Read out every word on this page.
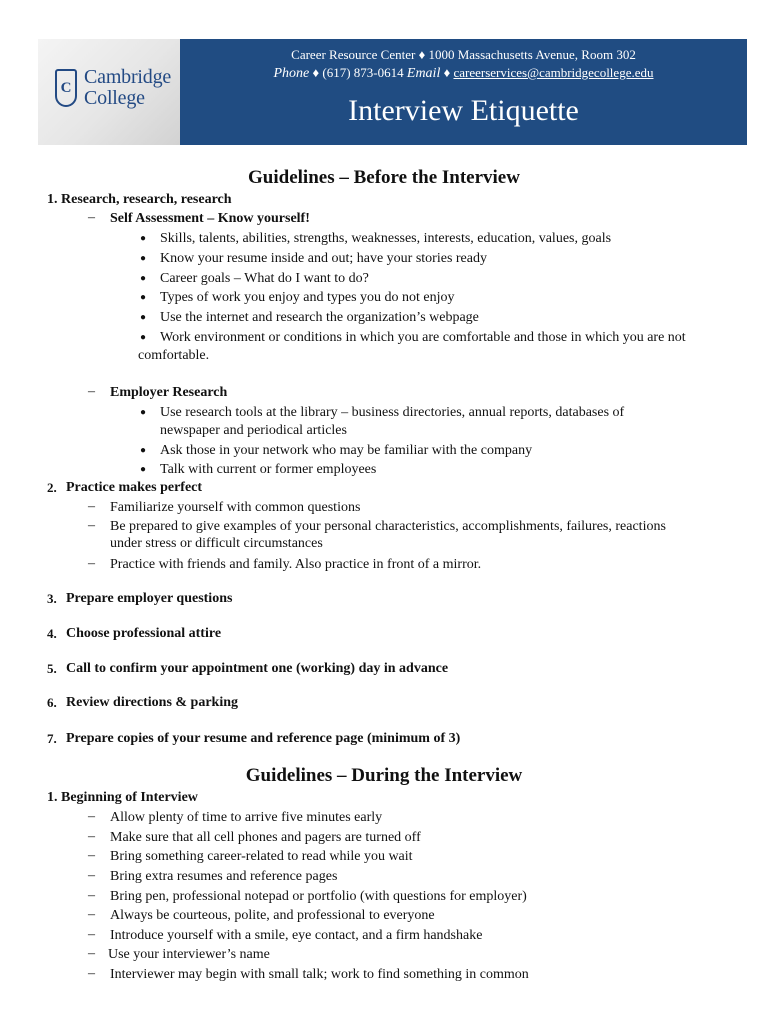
C Cambridge
College
Career Resource Center ♦ 1000 Massachusetts Avenue, Room 302
Phone ♦ (617) 873-0614 Email ♦ careerservices@cambridgecollege.edu
Interview Etiquette
Guidelines – Before the Interview
1. Research, research, research
– Self Assessment – Know yourself!
● Skills, talents, abilities, strengths, weaknesses, interests, education, values, goals
● Know your resume inside and out; have your stories ready
● Career goals – What do I want to do?
● Types of work you enjoy and types you do not enjoy
● Use the internet and research the organization’s webpage
● Work environment or conditions in which you are comfortable and those in which you are not
comfortable.
– Employer Research
● Use research tools at the library – business directories, annual reports, databases of
newspaper and periodical articles
● Ask those in your network who may be familiar with the company
● Talk with current or former employees
2. Practice makes perfect
– Familiarize yourself with common questions
– Be prepared to give examples of your personal characteristics, accomplishments, failures, reactions
under stress or difficult circumstances
– Practice with friends and family. Also practice in front of a mirror.
3. Prepare employer questions
4. Choose professional attire
5. Call to confirm your appointment one (working) day in advance
6. Review directions & parking
7. Prepare copies of your resume and reference page (minimum of 3)
Guidelines – During the Interview
1. Beginning of Interview
– Allow plenty of time to arrive five minutes early
– Make sure that all cell phones and pagers are turned off
– Bring something career-related to read while you wait
– Bring extra resumes and reference pages
– Bring pen, professional notepad or portfolio (with questions for employer)
– Always be courteous, polite, and professional to everyone
– Introduce yourself with a smile, eye contact, and a firm handshake
– Use your interviewer’s name
– Interviewer may begin with small talk; work to find something in common
